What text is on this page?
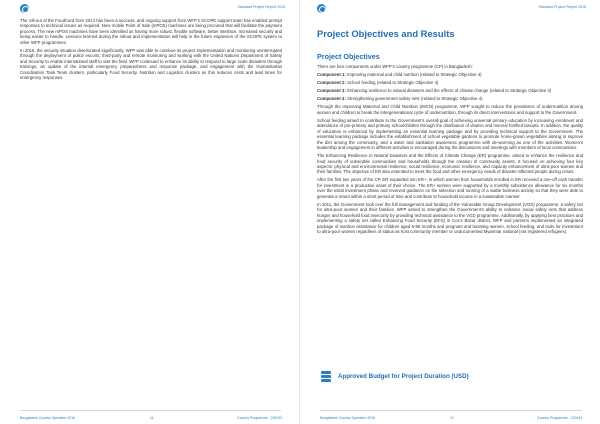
Standard Project Report 2016

The roll-out of the FoodCard from 2014 has been a success, and ongoing support from WFP's SCOPE support team has enabled prompt responses to technical issues as required. New mobile Point of Sale (mPOS) machines are being procured that will facilitate the payment process. The new mPOS machines have been identified as having more robust, flexible software, better interface, increased security and being easier to handle. Lessons learned during the rollout and implementation will help in the future expansion of the SCOPE system to other WFP programmes.

In 2016, the security situation deteriorated significantly. WFP was able to continue its project implementation and monitoring uninterrupted through the deployment of police escorts, third-party and remote monitoring and working with the United Nations Department of Safety and Security to enable international staff to visit the field. WFP continued to enhance its ability to respond to large scale disasters through trainings, an update of the internal emergency preparedness and response package, and engagement with the Humanitarian Coordination Task Team clusters, particularly Food Security, Nutrition and Logistics clusters as this reduces costs and lead times for emergency responses.

Bangladesh Country Operation 2016	11	Country Programme - 200243
Standard Project Report 2016
Project Objectives and Results
Project Objectives

There are four components under WFP's country programme (CP) in Bangladesh:

Component 1: Improving maternal and child nutrition (related to Strategic Objective 4)

Component 2: School feeding (related to Strategic Objective 4)

Component 3: Enhancing resilience to natural disasters and the effects of climate change (related to Strategic Objective 3)

Component 4: Strengthening government safety nets (related to Strategic Objective 4)

Through the Improving Maternal and Child Nutrition (IMCN) programme, WFP sought to reduce the prevalence of undernutrition among women and children to break the intergenerational cycle of undernutrition, through its direct interventions and support to the Government.

School feeding aimed to contribute to the Government's overall goal of achieving universal primary education by increasing enrolment and attendance of pre-primary and primary schoolchildren through the distribution of vitamin and mineral fortified biscuits. In addition, the quality of education is enhanced by implementing an essential learning package and by providing technical support to the Government. The essential learning package includes the establishment of school vegetable gardens to promote home-grown vegetables aiming to improve the diet among the community, and a water and sanitation awareness programme with de-worming as one of the activities. Women's leadership and engagement in different activities is encouraged during the discussions and meetings with members of local communities.

The Enhancing Resilience to Natural Disasters and the Effects of Climate Change (ER) programme, aimed to enhance the resilience and food security of vulnerable communities and households through the creation of community assets. It focused on achieving four key aspects: physical and environmental resilience, social resilience, economic resilience, and capacity enhancement of ultra-poor women and their families. The objective of ER also extended to meet the food and other emergency needs of disaster-affected people during crises.

After the first two years of the CP, ER expanded into ER+, in which women from households enrolled in ER received a one-off cash transfer for investment in a productive asset of their choice. The ER+ women were supported by a monthly subsistence allowance for six months over the initial investment phase and received guidance on the selection and running of a viable business activity so that they were able to generate a return within a short period of time and contribute to household income in a sustainable manner.

In 2011, the Government took over the full management and funding of the Vulnerable Group Development (VGD) programme, a safety net for ultra-poor women and their families. WFP aimed to strengthen the Government's ability to enhance social safety nets that address hunger and household food insecurity by providing technical assistance to the VGD programme. Additionally, by applying best practices and implementing a safety net called Enhancing Food Security (EFS) in Cox's Bazar district, WFP and partners implemented an integrated package of nutrition assistance for children aged 6-59 months and pregnant and lactating women, school feeding, and tools for investment to ultra-poor women regardless of status as host community member or undocumented Myanmar national (not registered refugees).

Approved Budget for Project Duration (USD)
Bangladesh Country Operation 2016	12	Country Programme - 200243
